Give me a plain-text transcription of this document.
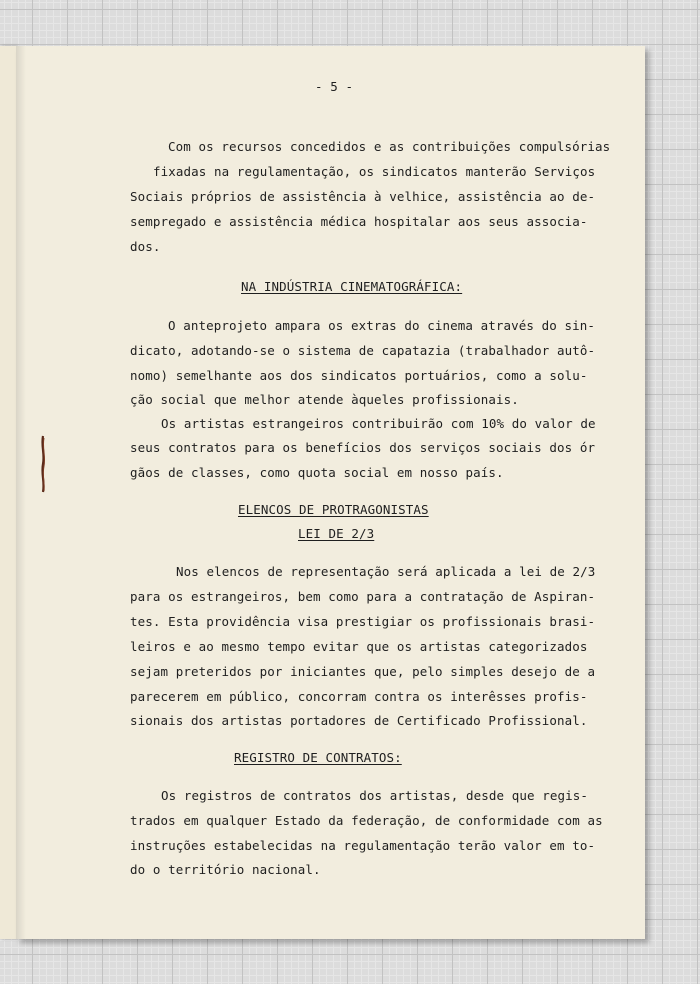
- 5 -
Com os recursos concedidos e as contribuições compulsórias
fixadas na regulamentação, os sindicatos manterão Serviços
Sociais próprios de assistência à velhice, assistência ao de-
sempregado e assistência médica hospitalar aos seus associa-
dos.
NA INDÚSTRIA CINEMATOGRÁFICA:
O anteprojeto ampara os extras do cinema através do sin-
dicato, adotando-se o sistema de capatazia (trabalhador autô-
nomo) semelhante aos dos sindicatos portuários, como a solu-
ção social que melhor atende àqueles profissionais.
Os artistas estrangeiros contribuirão com 10% do valor de
seus contratos para os benefícios dos serviços sociais dos ór
gãos de classes, como quota social em nosso país.
ELENCOS DE PROTRAGONISTAS
LEI DE 2/3
Nos elencos de representação será aplicada a lei de 2/3
para os estrangeiros, bem como para a contratação de Aspiran-
tes. Esta providência visa prestigiar os profissionais brasi-
leiros e ao mesmo tempo evitar que os artistas categorizados
sejam preteridos por iniciantes que, pelo simples desejo de a
parecerem em público, concorram contra os interêsses profis-
sionais dos artistas portadores de Certificado Profissional.
REGISTRO DE CONTRATOS:
Os registros de contratos dos artistas, desde que regis-
trados em qualquer Estado da federação, de conformidade com as
instruções estabelecidas na regulamentação terão valor em to-
do o território nacional.
